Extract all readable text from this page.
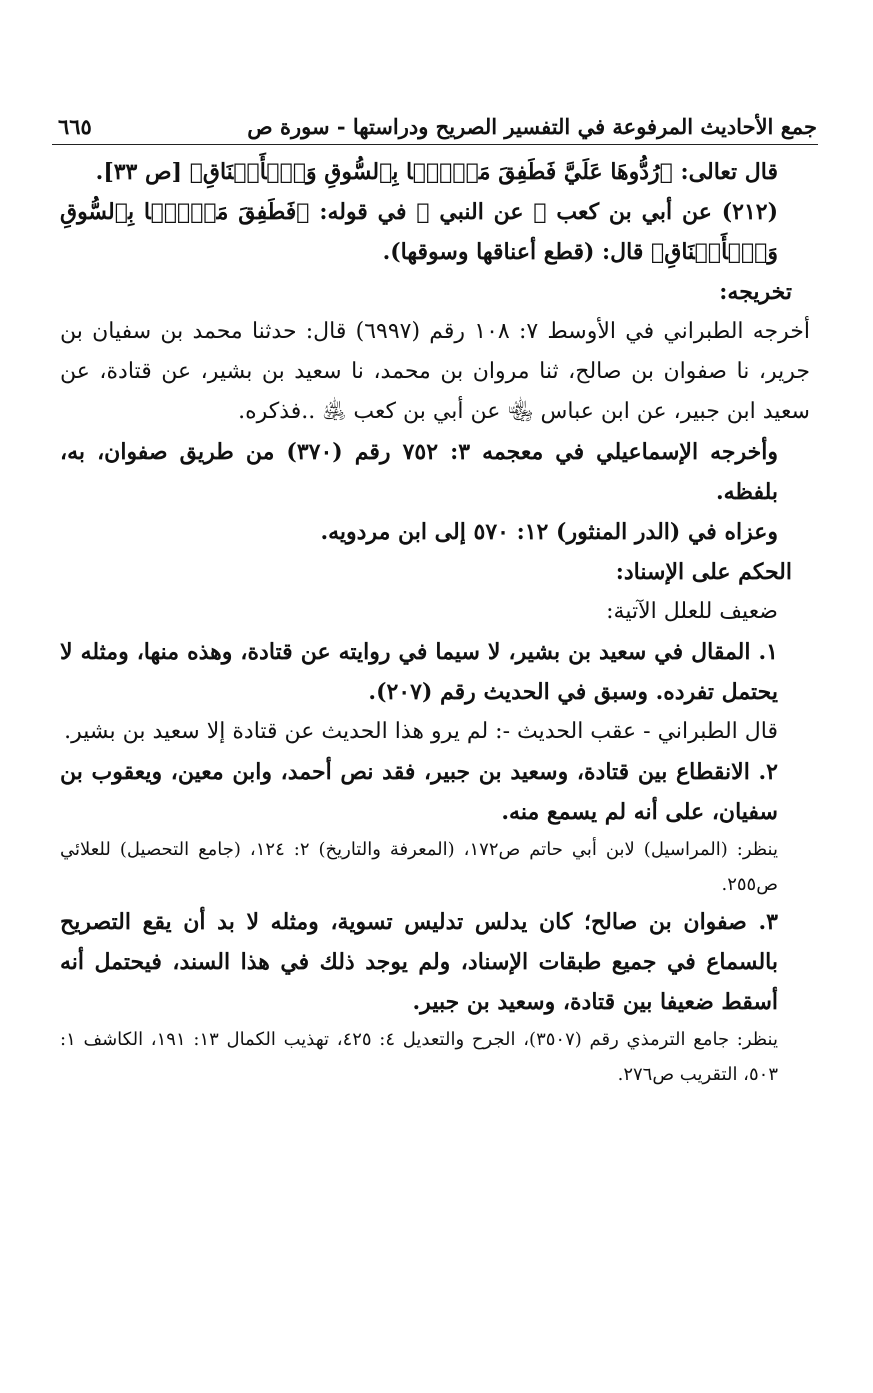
جمع الأحاديث المرفوعة في التفسير الصريح ودراستها - سورة ص
٦٦٥

قال تعالى: ﴿رُدُّوهَا عَلَيَّ فَطَفِقَ مَسۡحَۢا بِٱلسُّوقِ وَٱلۡأَعۡنَاقِ﴾ [ص ٣٣].

(٢١٢) عن أبي بن كعب ﵁ عن النبي ﷺ في قوله: ﴿فَطَفِقَ مَسۡحَۢا بِٱلسُّوقِ وَٱلۡأَعۡنَاقِ﴾ قال: (قطع أعناقها وسوقها).

تخريجه:

أخرجه الطبراني في الأوسط ٧: ١٠٨ رقم (٦٩٩٧) قال: حدثنا محمد بن سفيان بن جرير، نا صفوان بن صالح، ثنا مروان بن محمد، نا سعيد بن بشير، عن قتادة، عن سعيد ابن جبير، عن ابن عباس ﵄ عن أبي بن كعب ﵁ ..فذكره.

وأخرجه الإسماعيلي في معجمه ٣: ٧٥٢ رقم (٣٧٠) من طريق صفوان، به، بلفظه.

وعزاه في (الدر المنثور) ١٢: ٥٧٠ إلى ابن مردويه.

الحكم على الإسناد:

ضعيف للعلل الآتية:

١. المقال في سعيد بن بشير، لا سيما في روايته عن قتادة، وهذه منها، ومثله لا يحتمل تفرده. وسبق في الحديث رقم (٢٠٧).

قال الطبراني - عقب الحديث -: لم يرو هذا الحديث عن قتادة إلا سعيد بن بشير.

٢. الانقطاع بين قتادة، وسعيد بن جبير، فقد نص أحمد، وابن معين، ويعقوب بن سفيان، على أنه لم يسمع منه.

ينظر: (المراسيل) لابن أبي حاتم ص١٧٢، (المعرفة والتاريخ) ٢: ١٢٤، (جامع التحصيل) للعلائي ص٢٥٥.

٣. صفوان بن صالح؛ كان يدلس تدليس تسوية، ومثله لا بد أن يقع التصريح بالسماع في جميع طبقات الإسناد، ولم يوجد ذلك في هذا السند، فيحتمل أنه أسقط ضعيفا بين قتادة، وسعيد بن جبير.

ينظر: جامع الترمذي رقم (٣٥٠٧)، الجرح والتعديل ٤: ٤٢٥، تهذيب الكمال ١٣: ١٩١، الكاشف ١: ٥٠٣، التقريب ص٢٧٦.
